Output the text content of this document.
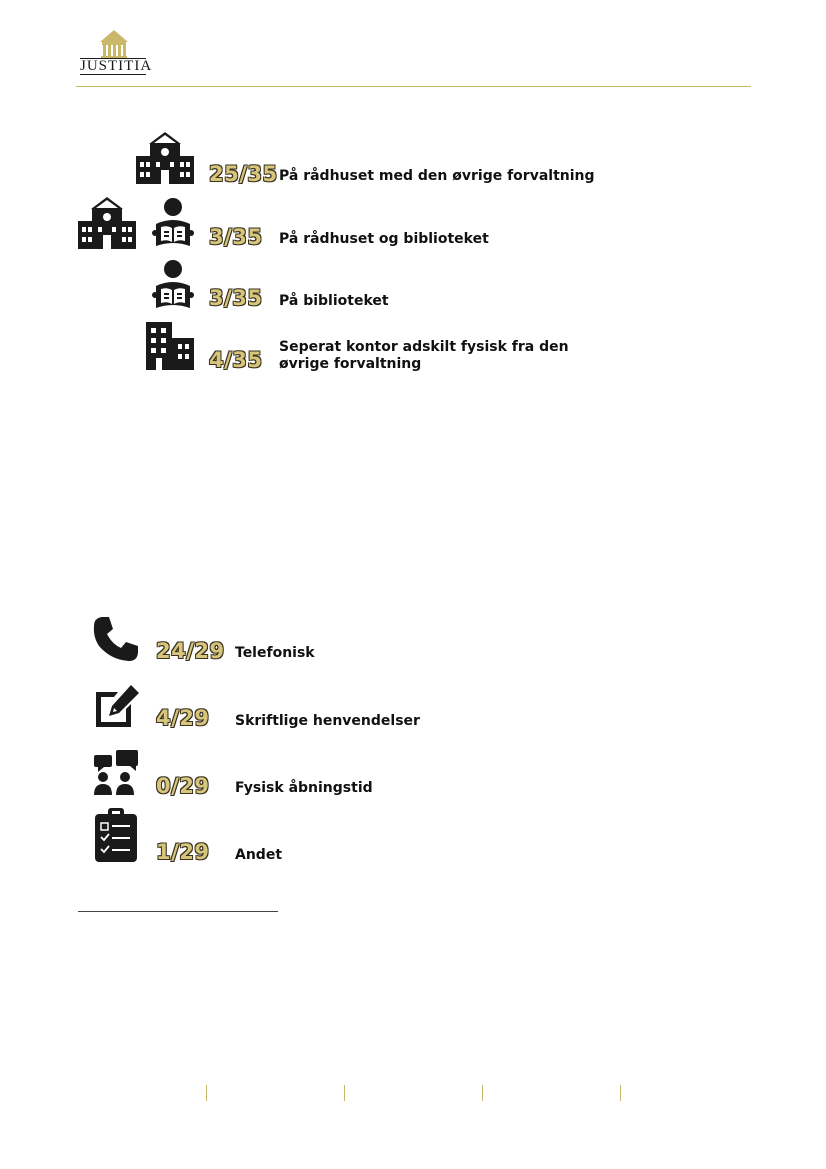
JUSTITIA
25/35 På rådhuset med den øvrige forvaltning
3/35 På rådhuset og biblioteket
3/35 På biblioteket
4/35
Seperat kontor adskilt fysisk fra den øvrige forvaltning
24/29 Telefonisk
4/29 Skriftlige henvendelser
0/29 Fysisk åbningstid
1/29 Andet
